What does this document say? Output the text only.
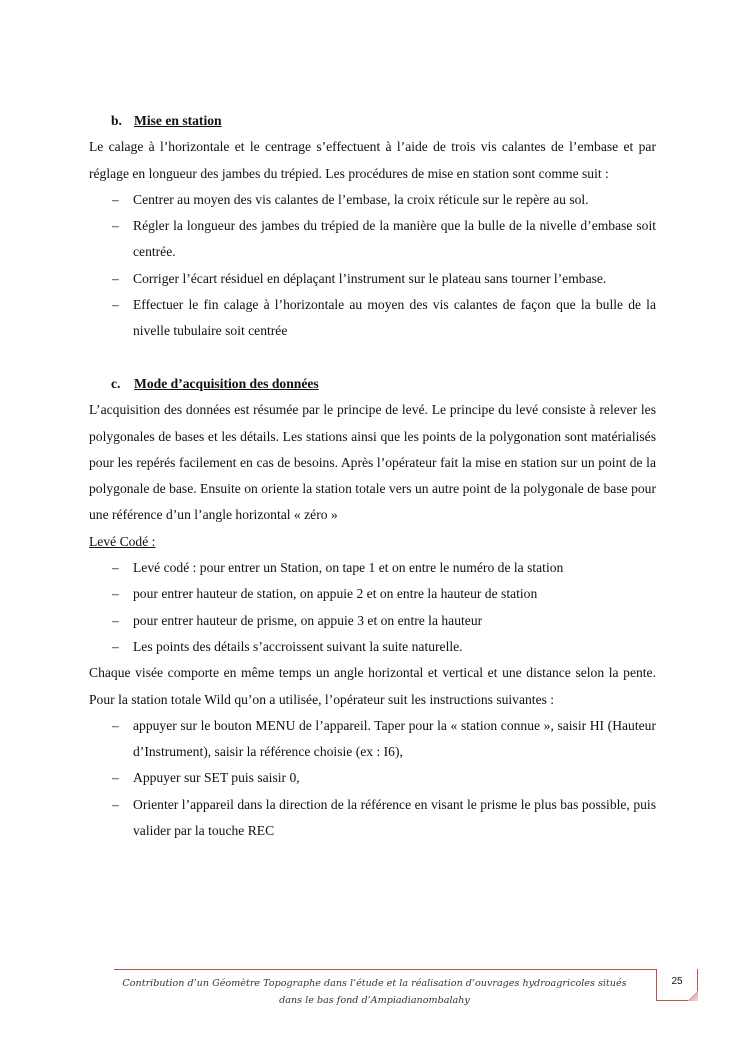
b. Mise en station

Le calage à l’horizontale et le centrage s’effectuent à l’aide de trois vis calantes de l’embase et par réglage en longueur des jambes du trépied. Les procédures de mise en station sont comme suit :

– Centrer au moyen des vis calantes de l’embase, la croix réticule sur le repère au sol.
– Régler la longueur des jambes du trépied de la manière que la bulle de la nivelle d’embase soit centrée.
– Corriger l’écart résiduel en déplaçant l’instrument sur le plateau sans tourner l’embase.
– Effectuer le fin calage à l’horizontale au moyen des vis calantes de façon que la bulle de la nivelle tubulaire soit centrée

c. Mode d’acquisition des données

L’acquisition des données est résumée par le principe de levé. Le principe du levé consiste à relever les polygonales de bases et les détails. Les stations ainsi que les points de la polygonation sont matérialisés pour les repérés facilement en cas de besoins. Après l’opérateur fait la mise en station sur un point de la polygonale de base. Ensuite on oriente la station totale vers un autre point de la polygonale de base pour une référence d’un l’angle horizontal « zéro »

Levé Codé :

– Levé codé : pour entrer un Station, on tape 1 et on entre le numéro de la station
– pour entrer hauteur de station, on appuie 2 et on entre la hauteur de station
– pour entrer hauteur de prisme, on appuie 3 et on entre la hauteur
– Les points des détails s’accroissent suivant la suite naturelle.

Chaque visée comporte en même temps un angle horizontal et vertical et une distance selon la pente. Pour la station totale Wild qu’on a utilisée, l’opérateur suit les instructions suivantes :

– appuyer sur le bouton MENU de l’appareil. Taper pour la « station connue », saisir HI (Hauteur d’Instrument), saisir la référence choisie (ex : I6),
– Appuyer sur SET puis saisir 0,
– Orienter l’appareil dans la direction de la référence en visant le prisme le plus bas possible, puis valider par la touche REC
Contribution d’un Géomètre Topographe dans l’étude et la réalisation d’ouvrages hydroagricoles situés dans le bas fond d’Ampiadianombalahy
25
